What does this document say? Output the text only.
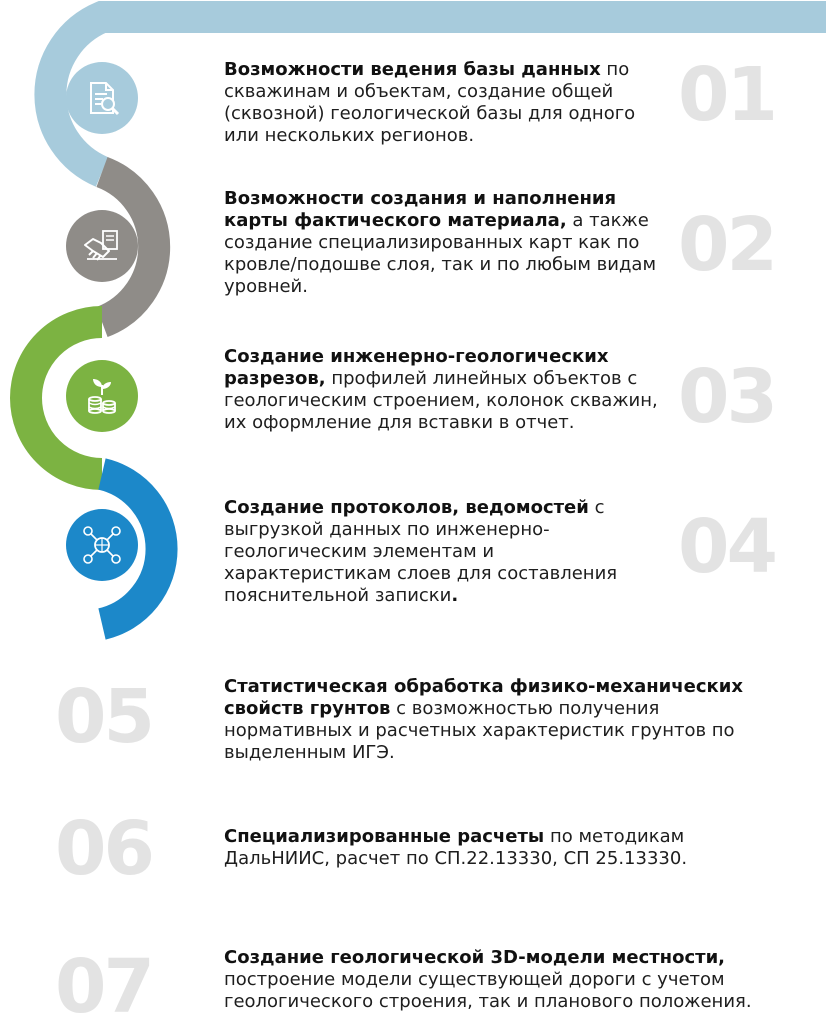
01
02
03
04
05
06
07
Возможности ведения базы данных по скважинам и объектам, создание общей (сквозной) геологической базы для одного или нескольких регионов.
Возможности создания и наполнения карты фактического материала, а также создание специализированных карт как по кровле/подошве слоя, так и по любым видам уровней.
Создание инженерно-геологических разрезов, профилей линейных объектов с геологическим строением, колонок скважин, их оформление для вставки в отчет.
Создание протоколов, ведомостей с выгрузкой данных по инженерно-геологическим элементам и характеристикам слоев для составления пояснительной записки.
Статистическая обработка физико-механических свойств грунтов с возможностью получения нормативных и расчетных характеристик грунтов по выделенным ИГЭ.
Специализированные расчеты по методикам ДальНИИС, расчет по СП.22.13330, СП 25.13330.
Создание геологической 3D-модели местности, построение модели существующей дороги с учетом геологического строения, так и планового положения.
